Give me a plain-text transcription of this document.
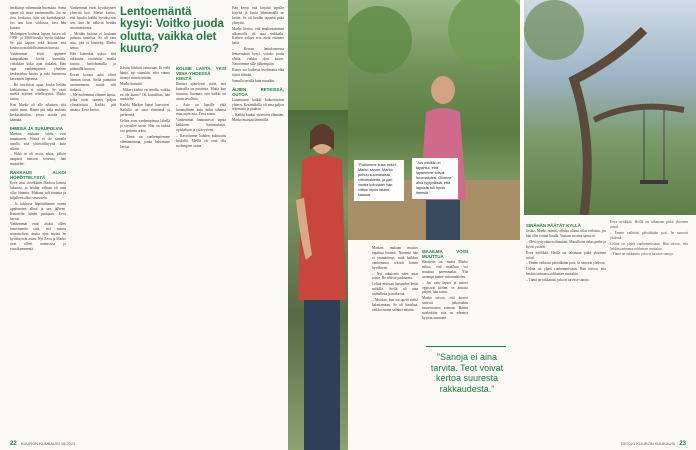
herättänyt vähemmän huomiota. Sama ajatus oli tässä vanhemmilla. Jos ne tiesi koulussa, hän sai karttakepistä. Jos taas kävi vihkossa, tiesi hän kotona.

Molempien kodissa lapsen kasvu oli 1950- ja 1960-luvulla hyvin tiukkaa. Se piti lapsen sekä kotona että koulussa mahdollisimman kurissa.

Vanhemmat eivät oppineet kumpaakaan kieltä kunnolla, vieläkään koko ajan tiukaksi. Hän oppi vanhempiensa yhteisen keskustelun kautta ja tuki Suomessa kasvaneet lapsensa.

– He tarvitsivat apua, koska heidän kielitaitonsa ei riittänyt. Se vaati mieltä myöten rehellisyyttä, Marko sanoo.

Kun Marko oli alle aikuisen, sitä mietti moni. Hänen piti tulla mukaan keskusteluihin, joissa asioita piti kääntää.

IHMISIÄ JA SUKUPOLVIA

Markon mukaan lähiöt ovat muuttuneet. Niissä ei ole samalla tavalla sitä yhteisöllisyyttä kuin silloin.

– Ehkä se oli myös aikaa, jolloin naapurit tunsivat toisensa, hän muistelee.

RAKKAUS ALKOI HÖPÖTTELYSTÄ

Eeva istui vierekkäin Markon kanssa lukiossa, ja heidän välinsä oli aina ollut lämmin. Mukaan tuli tunteita ja hiljalleen alkoi seurustelu.

– Jo lukiossa höpöttelimme ennen oppituntien alkua ja sen jälkeen. Kuuntelin hänen juttujaan, Eeva kertoo.

Vanhemmat eivät aluksi olleet innostuneita siitä, että nuoret seurustelivat, mutta ajan myötä he hyväksyivät asian. Nyt Eeva ja Marko ovat olleet naimisissa jo vuosikymmeniä.

Vanhemmat eivät hyväksyneet yhteyttä heti. Marko kertoo, että lopulta kaikki hyväksyivät sen, kun he näkivät heidän sitoutumisensa.

– Meidän kotona ei koskaan puhuttu tunteista. Se oli vain asia, jota ei käsitelty, Marko sanoo.

Hän kuitenkin uskoo, että rakkautta osoitettiin muilla tavoin: huolehtimalla ja pitämällä kurissa.

Eevan kotona asiat olivat hieman toisin. Siellä puhuttiin avoimemmin, mutta silti tiukasti.

– Me molemmat olimme lapsia, jotka eivät saaneet paljon ylimääräistä. Kaikki piti ansaita, Eeva kertoo.

Lentoemäntä kysyi: Voitko juoda olutta, vaikka olet kuuro?

Käytin lohdutti vaimoaan. Ei vielä häntä, nyt sittenkin, ettei vaimo tiennyt asiasta mitään.

Marko harmitti.

– Mikset kielitti eri tavalla, vaikka en ole kuuro? Oli kiusallista, hän muistelee.

Kaikki Markon lapset kasvoivat. Kaikilla on oma elämänsä ja perheensä.

Celina asuu vanhempiensa lähellä ja vierailee usein. Hän on tärkeä osa perheen arkea.

– Tämä on vanhempiemme elämäntarinaa, jonka haluamme kertoa.

KOLME LASTA, YKSI VIINA-YHDESSÄ KIELTÄ

Ihmiset ajattelevat usein, että kuuroilla on puutteita. Mutta kun tutustuu, huomaa, että kaikki on aivan tavallista.

– Asia on lapsille yhtä luonnollinen kuin mikä tahansa muu arjen asia, Eeva sanoo.

Vanhemmat kannustivat lapsia kaikkeen: harrastuksiin, opiskeluun ja ystävyyteen.

– Kasvoimme kahden kulttuurin keskellä. Meillä oli onni olla molempien osana.

Hän kertoi että kirjoitti lapsille kirjeitä ja kuvia lähettämällä ne kotiin. Se oli heidän tapansa pitää yhteyttä.

Marko kertoo, että matkustaminen ulkomailla oli aina seikkailu. Kielten väliset erot eivät estäneet heitä.

– Kerran lentokoneessa lentoemäntä kysyi, voinko juoda olutta, vaikka olen kuuro. Nauroimme sille jälkeenpäin.

Kuuro voi kaikesta huolimatta elää täyttä elämää.

Samalla tavalla kuin muutkin.

ÄIJIEN RETKISSÄ, OUTOA

Lauantaisin kaikki kokoontuivat yhteen. Kesämökillä oli aina paljon tekemistä ja puuhaa.

– Kaikki kuului yhteiseen elämään, Marko muistaa lämmöllä.

22 KUURON KUUKAUSI 10/2021
”Puhumme kuka mikin”, Marko sanoo. Marko puhuu suomalaista viittomakieltä, ja pari vuotta kotonaan hän viittoo myös lasten kanssa.
”Jos mikään ei tapahtui, että lapsemme tulivat huomatuiksi. Olimme aina tyytyväisiä, että lapsista tuli hyviä ihmisiä.”

Markon mukaan muutos tapahtui hitaasti. Nuorena hän ei ymmärtänyt, mitä kaikkea vanhemmat tekivät hänen hyväkseen.

– Nyt aikuisena näen asiat toisin. He tekivät parhaansa.

Celina muistaa lapsuuden kesät mökillä. Siellä oli aina rauhallista ja mukavaa.

– Muistan, kun isä opetti meitä kalastamaan. Se oli hauskaa, vaikka emme saaneet mitään.

MAAILMA VOISI MUUTTUA

Haasteita on, mutta Marko uskoo, että maailma voi muuttua paremmaksi. Yhä useampi tuntee viittomakielen.

– Jos vain lapset ja nuoret oppisivat kielen, se auttaisi paljon, hän sanoo.

Marko toivoo, että kuurot saisivat jatkossakin tasavertaisen aseman. Hänen mielestään asia on edennyt hyvään suuntaan.

”Sanoja ei aina tarvita. Teot voivat kertoa suuresta rakkaudesta.”
SINÄHÄN PÄÄTÄT KYLLÄ

Joskus Marko miettii, olisiko elämä ollut erilaista, jos hän olisi voinut kuulla. Vastaus on aina sama: ei.

– Olen tyytyväinen elämääni. Minulla on rakas perhe ja hyvät ystävät.

Eeva nyökkää. Heillä on takanaan pitkä yhteinen taival.

– Emme vaihtaisi päivääkään pois, he sanovat yhdessä.

Celina on ylpeä vanhemmistaan. Hän toivoo, että heidän tarinansa rohkaisee muitakin.

– Tämä on rakkautta, joka ei tarvitse sanoja.

Eeva nyökkää. Heillä on takanaan pitkä yhteinen taival.

– Emme vaihtaisi päivääkään pois, he sanovat yhdessä.

Celina on ylpeä vanhemmistaan. Hän toivoo, että heidän tarinansa rohkaisee muitakin.

– Tämä on rakkautta, joka ei tarvitse sanoja.

10/2021 KUURON KUUKAUSI 23
